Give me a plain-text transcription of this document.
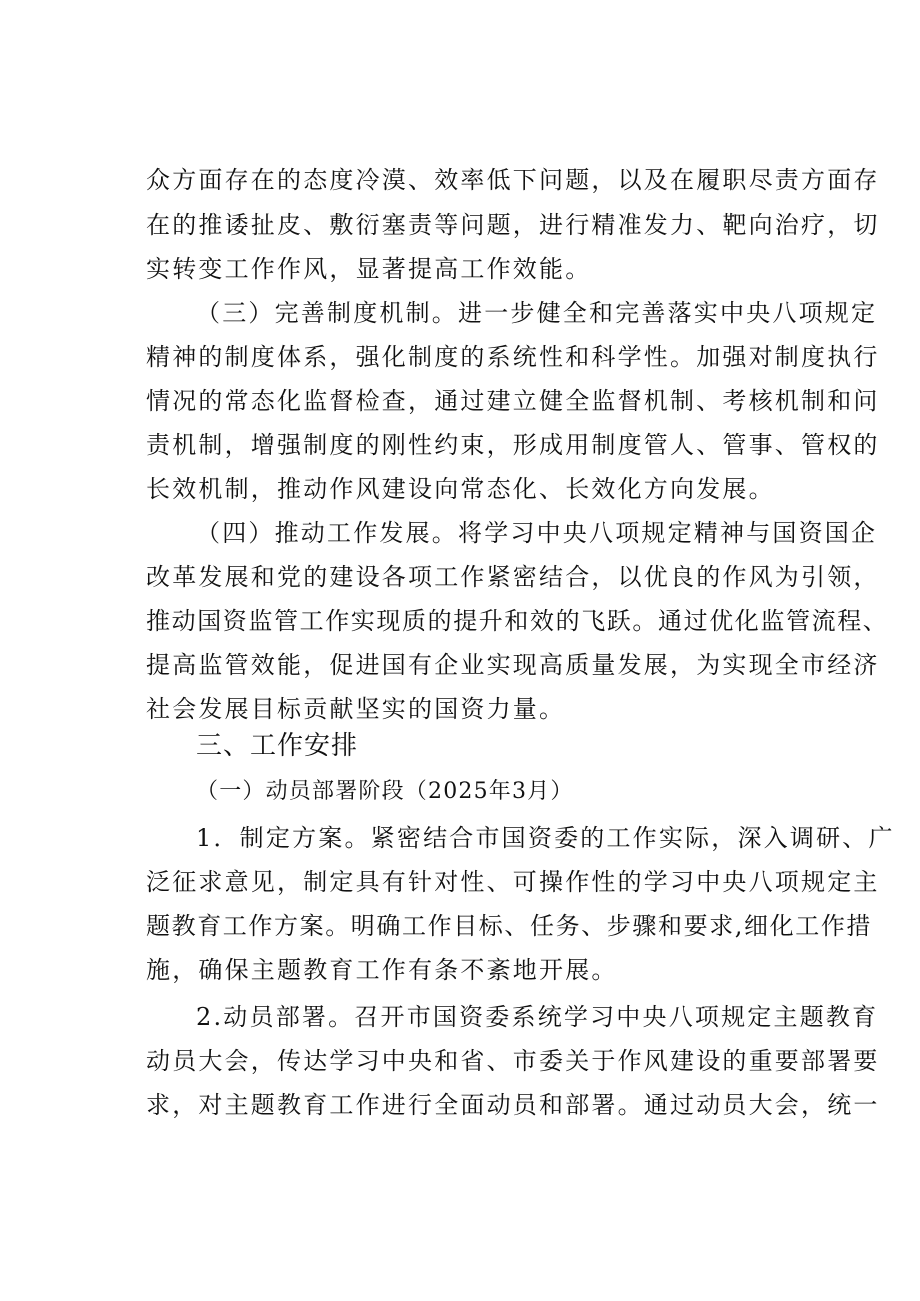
众方面存在的态度冷漠、效率低下问题，以及在履职尽责方面存
在的推诿扯皮、敷衍塞责等问题，进行精准发力、靶向治疗，切
实转变工作作风，显著提高工作效能。
（三）完善制度机制。进一步健全和完善落实中央八项规定
精神的制度体系，强化制度的系统性和科学性。加强对制度执行
情况的常态化监督检查，通过建立健全监督机制、考核机制和问
责机制，增强制度的刚性约束，形成用制度管人、管事、管权的
长效机制，推动作风建设向常态化、长效化方向发展。
（四）推动工作发展。将学习中央八项规定精神与国资国企
改革发展和党的建设各项工作紧密结合，以优良的作风为引领，
推动国资监管工作实现质的提升和效的飞跃。通过优化监管流程、
提高监管效能，促进国有企业实现高质量发展，为实现全市经济
社会发展目标贡献坚实的国资力量。
三、工作安排
（一）动员部署阶段（2025年3月）
1．制定方案。紧密结合市国资委的工作实际，深入调研、广
泛征求意见，制定具有针对性、可操作性的学习中央八项规定主
题教育工作方案。明确工作目标、任务、步骤和要求,细化工作措
施，确保主题教育工作有条不紊地开展。
2.动员部署。召开市国资委系统学习中央八项规定主题教育
动员大会，传达学习中央和省、市委关于作风建设的重要部署要
求，对主题教育工作进行全面动员和部署。通过动员大会，统一
